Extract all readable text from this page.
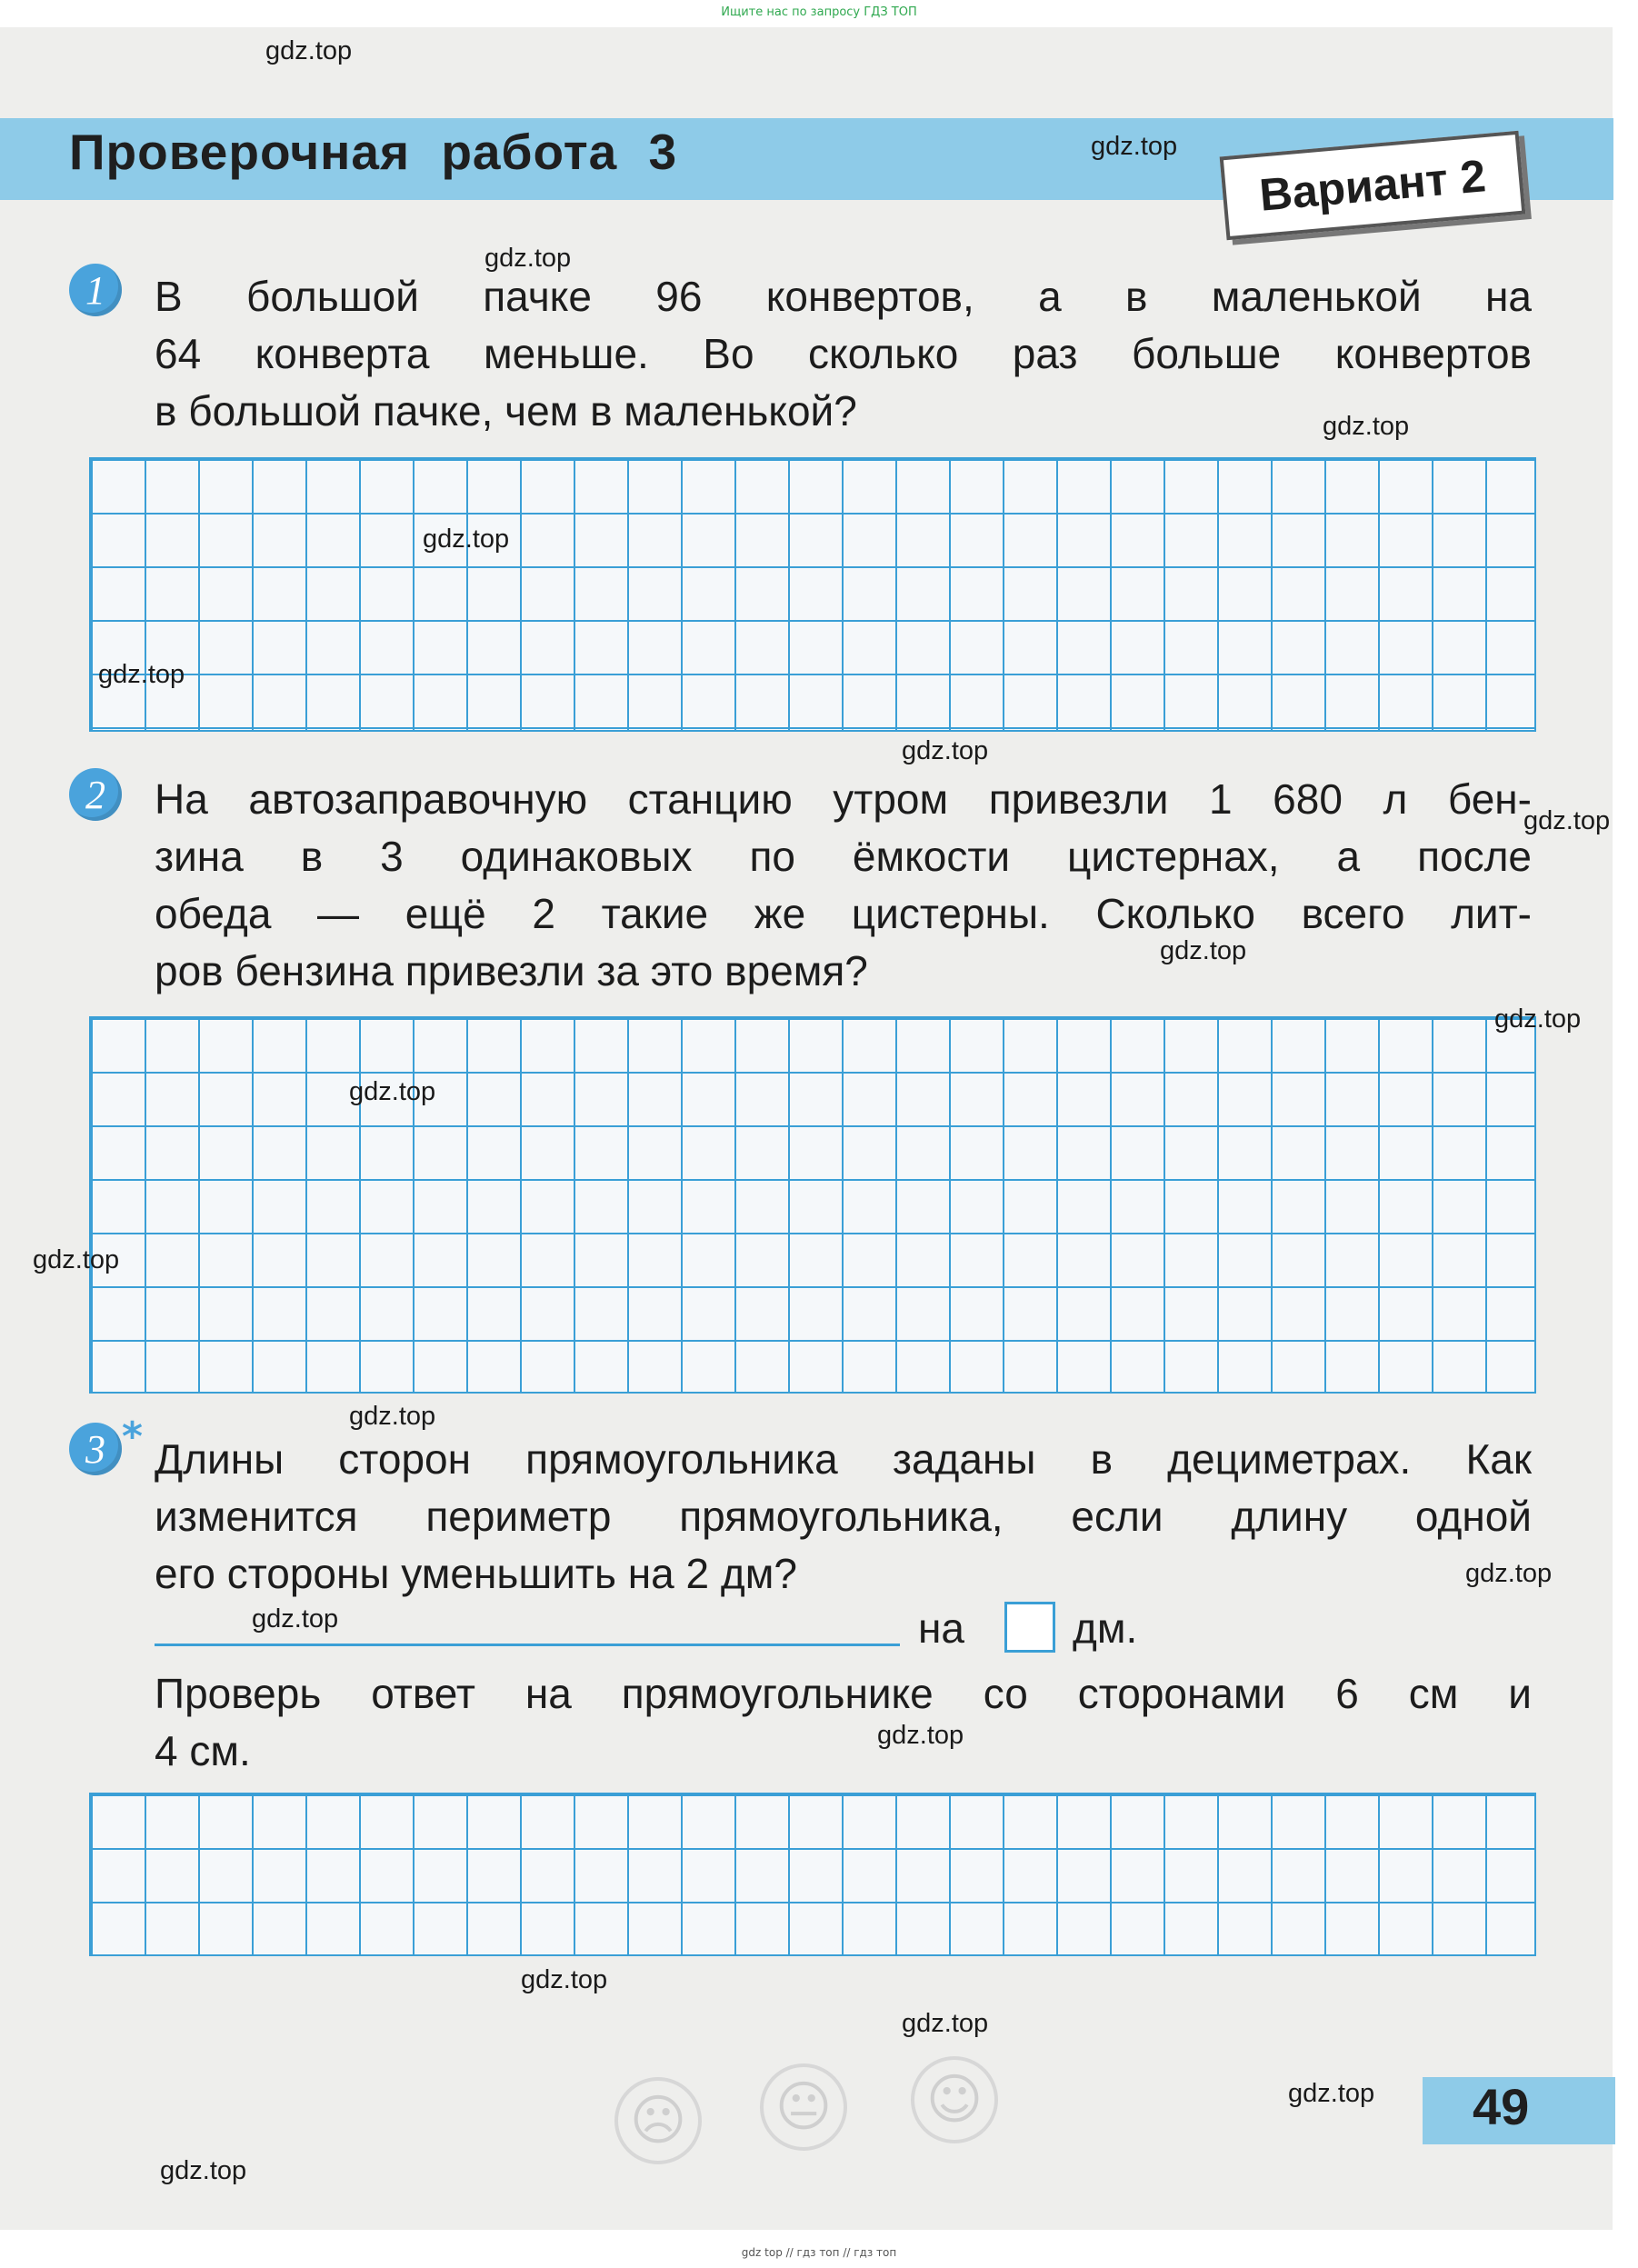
Ищите нас по запросу ГДЗ ТОП
Проверочная работа 3	Вариант 2
1	В большой пачке 96 конвертов, а в маленькой на
64 конверта меньше. Во сколько раз больше конвертов
в большой пачке, чем в маленькой?
2	На автозаправочную станцию утром привезли 1 680 л бен-
зина в 3 одинаковых по ёмкости цистернах, а после
обеда — ещё 2 такие же цистерны. Сколько всего лит-
ров бензина привезли за это время?
3 * Длины сторон прямоугольника заданы в дециметрах. Как
изменится периметр прямоугольника, если длину одной
его стороны уменьшить на 2 дм?
на	дм.
Проверь ответ на прямоугольнике со сторонами 6 см и
4 см.
☹ 😐 ☺	49
gdz.top
gdz.top
gdz.top
gdz.top
gdz.top
gdz.top
gdz.top
gdz.top
gdz.top
gdz.top
gdz.top
gdz.top
gdz.top
gdz.top
gdz.top
gdz.top
gdz.top
gdz.top
gdz.top
gdz.top
gdz top // гдз топ // гдз топ
